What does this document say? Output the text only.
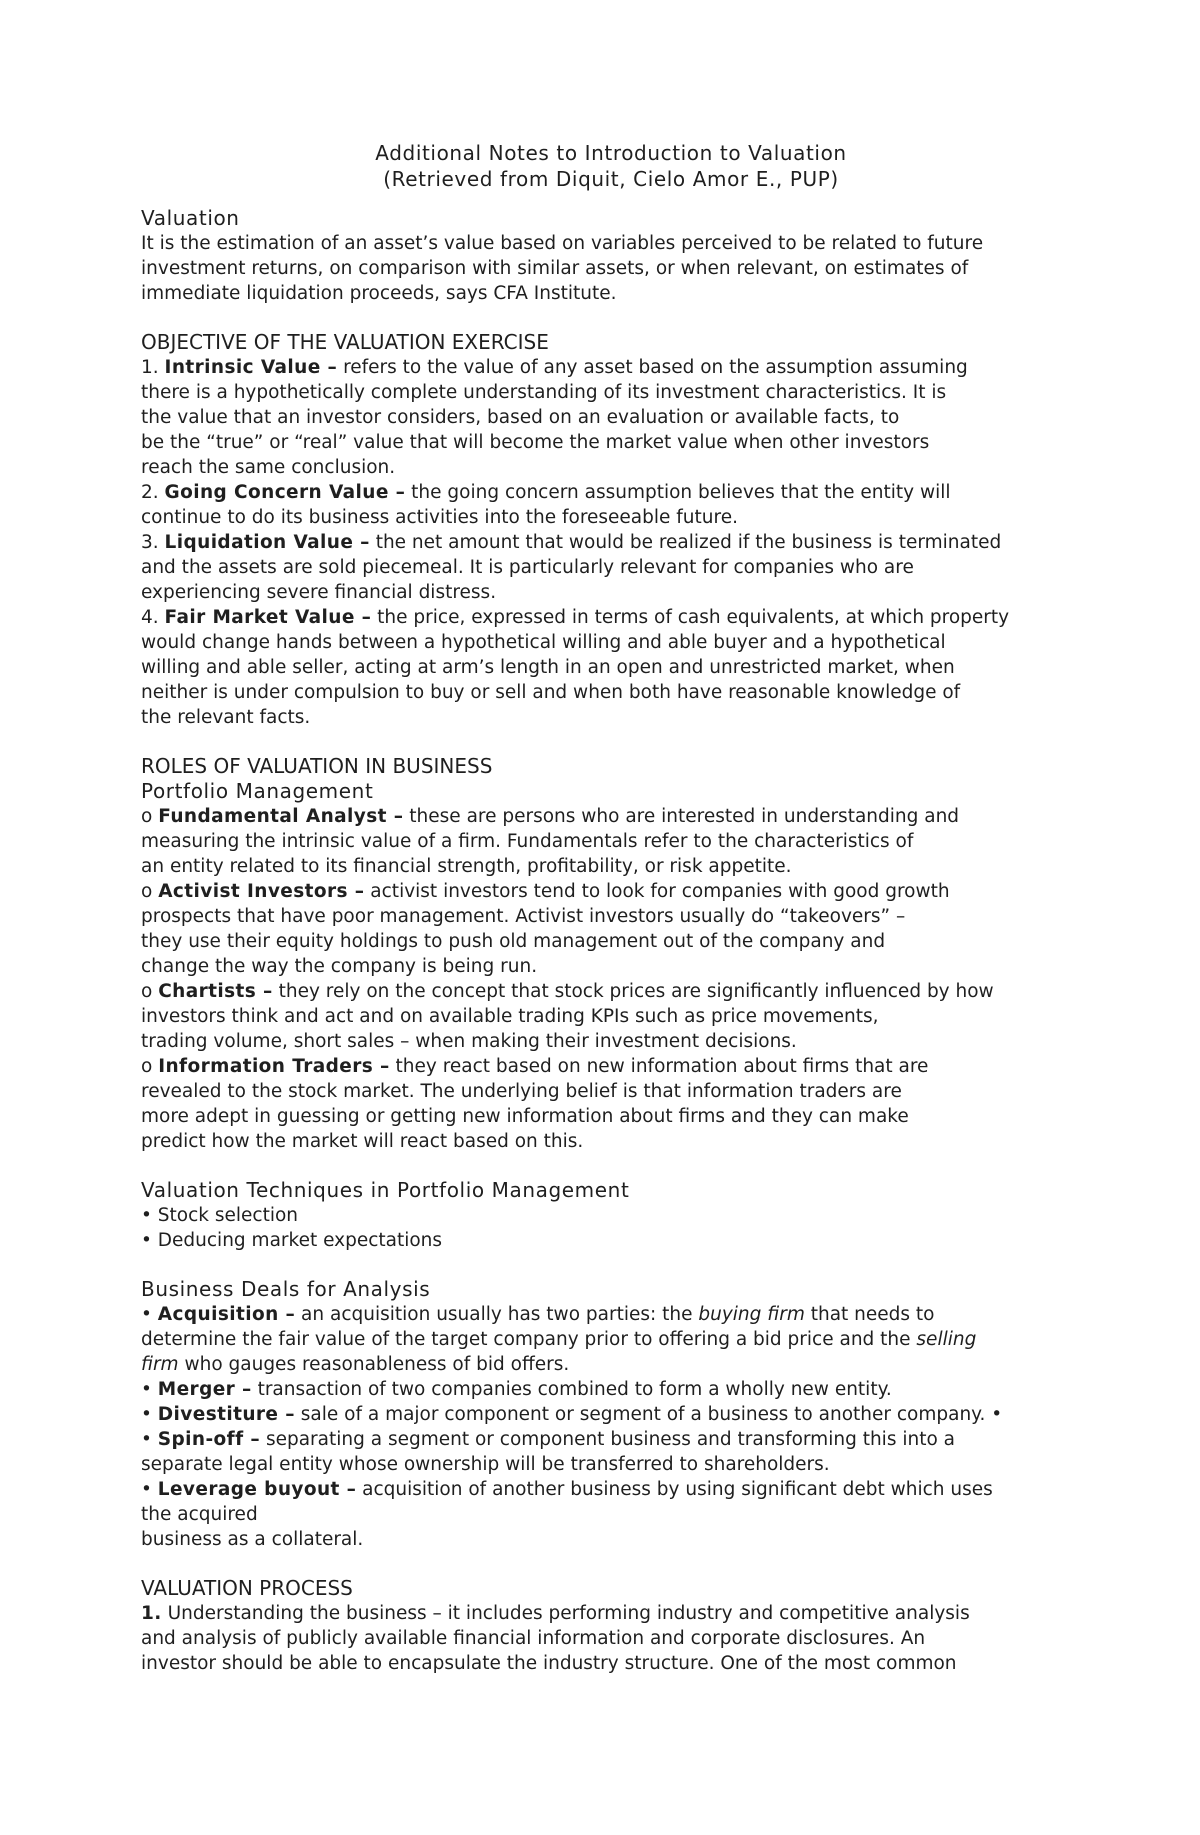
Additional Notes to Introduction to Valuation
(Retrieved from Diquit, Cielo Amor E., PUP)
Valuation
It is the estimation of an asset’s value based on variables perceived to be related to future
investment returns, on comparison with similar assets, or when relevant, on estimates of
immediate liquidation proceeds, says CFA Institute.
OBJECTIVE OF THE VALUATION EXERCISE
1. Intrinsic Value – refers to the value of any asset based on the assumption assuming
there is a hypothetically complete understanding of its investment characteristics. It is
the value that an investor considers, based on an evaluation or available facts, to
be the “true” or “real” value that will become the market value when other investors
reach the same conclusion.
2. Going Concern Value – the going concern assumption believes that the entity will
continue to do its business activities into the foreseeable future.
3. Liquidation Value – the net amount that would be realized if the business is terminated
and the assets are sold piecemeal. It is particularly relevant for companies who are
experiencing severe financial distress.
4. Fair Market Value – the price, expressed in terms of cash equivalents, at which property
would change hands between a hypothetical willing and able buyer and a hypothetical
willing and able seller, acting at arm’s length in an open and unrestricted market, when
neither is under compulsion to buy or sell and when both have reasonable knowledge of
the relevant facts.
ROLES OF VALUATION IN BUSINESS
Portfolio Management
o Fundamental Analyst – these are persons who are interested in understanding and
measuring the intrinsic value of a firm. Fundamentals refer to the characteristics of
an entity related to its financial strength, profitability, or risk appetite.
o Activist Investors – activist investors tend to look for companies with good growth
prospects that have poor management. Activist investors usually do “takeovers” –
they use their equity holdings to push old management out of the company and
change the way the company is being run.
o Chartists – they rely on the concept that stock prices are significantly influenced by how
investors think and act and on available trading KPIs such as price movements,
trading volume, short sales – when making their investment decisions.
o Information Traders – they react based on new information about firms that are
revealed to the stock market. The underlying belief is that information traders are
more adept in guessing or getting new information about firms and they can make
predict how the market will react based on this.
Valuation Techniques in Portfolio Management
• Stock selection
• Deducing market expectations
Business Deals for Analysis
• Acquisition – an acquisition usually has two parties: the buying firm that needs to
determine the fair value of the target company prior to offering a bid price and the selling
firm who gauges reasonableness of bid offers.
• Merger – transaction of two companies combined to form a wholly new entity.
• Divestiture – sale of a major component or segment of a business to another company. •
• Spin-off – separating a segment or component business and transforming this into a
separate legal entity whose ownership will be transferred to shareholders.
• Leverage buyout – acquisition of another business by using significant debt which uses
the acquired
business as a collateral.
VALUATION PROCESS
1. Understanding the business – it includes performing industry and competitive analysis
and analysis of publicly available financial information and corporate disclosures. An
investor should be able to encapsulate the industry structure. One of the most common
